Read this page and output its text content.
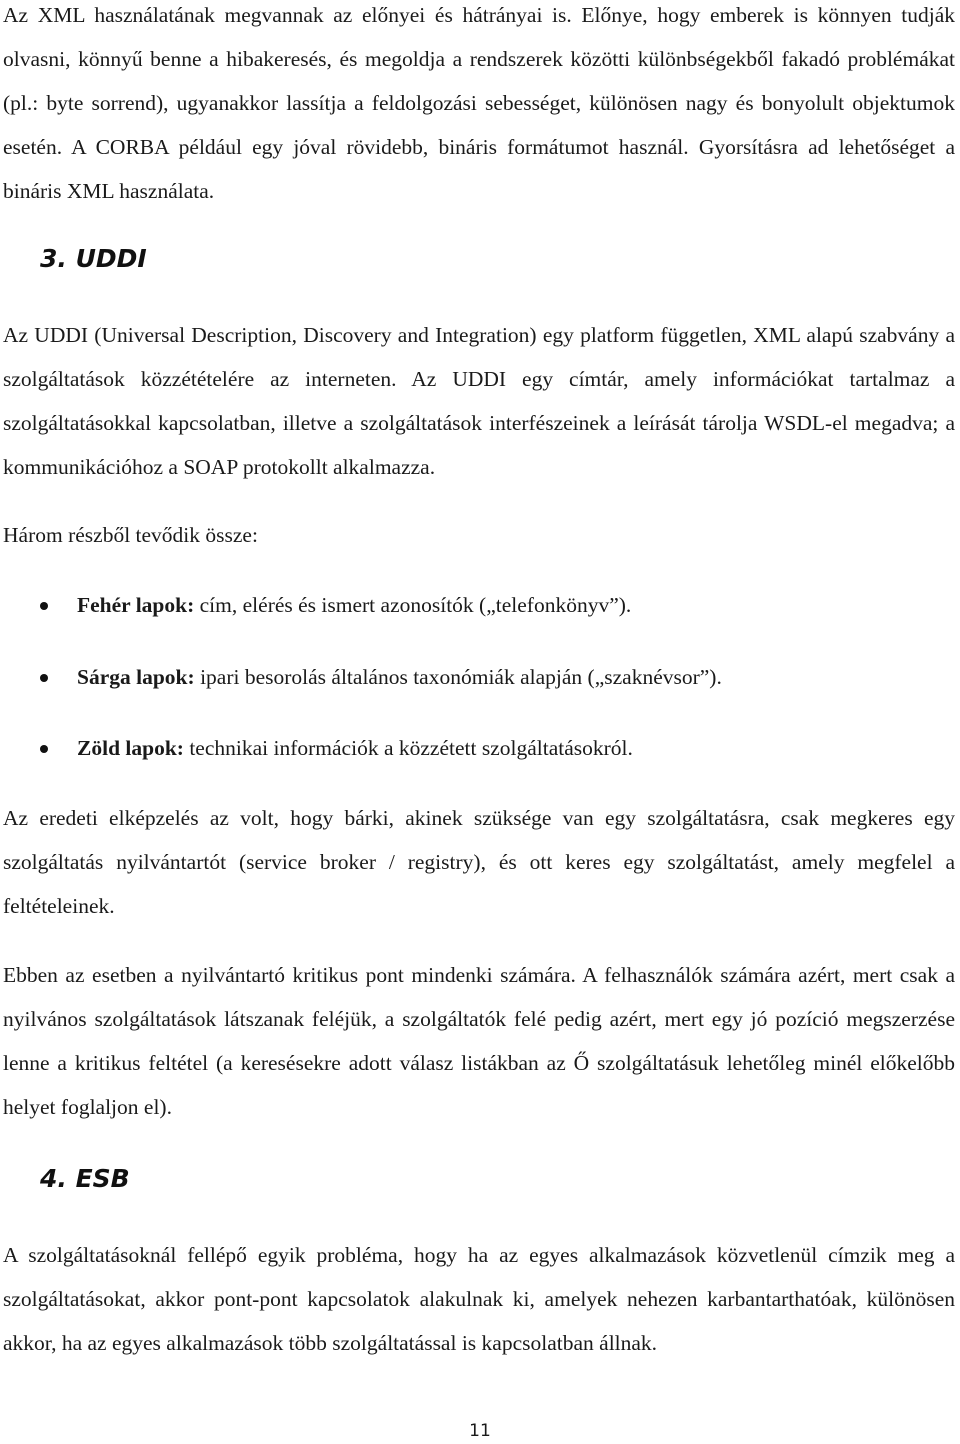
Az XML használatának megvannak az előnyei és hátrányai is. Előnye, hogy emberek is könnyen tudják olvasni, könnyű benne a hibakeresés, és megoldja a rendszerek közötti különbségekből fakadó problémákat (pl.: byte sorrend), ugyanakkor lassítja a feldolgozási sebességet, különösen nagy és bonyolult objektumok esetén. A CORBA például egy jóval rövidebb, bináris formátumot használ. Gyorsításra ad lehetőséget a bináris XML használata.

3. UDDI

Az UDDI (Universal Description, Discovery and Integration) egy platform független, XML alapú szabvány a szolgáltatások közzétételére az interneten. Az UDDI egy címtár, amely információkat tartalmaz a szolgáltatásokkal kapcsolatban, illetve a szolgáltatások interfészeinek a leírását tárolja WSDL-el megadva; a kommunikációhoz a SOAP protokollt alkalmazza.

Három részből tevődik össze:

Fehér lapok: cím, elérés és ismert azonosítók („telefonkönyv”).
Sárga lapok: ipari besorolás általános taxonómiák alapján („szaknévsor”).
Zöld lapok: technikai információk a közzétett szolgáltatásokról.

Az eredeti elképzelés az volt, hogy bárki, akinek szüksége van egy szolgáltatásra, csak megkeres egy szolgáltatás nyilvántartót (service broker / registry), és ott keres egy szolgáltatást, amely megfelel a feltételeinek.

Ebben az esetben a nyilvántartó kritikus pont mindenki számára. A felhasználók számára azért, mert csak a nyilvános szolgáltatások látszanak feléjük, a szolgáltatók felé pedig azért, mert egy jó pozíció megszerzése lenne a kritikus feltétel (a keresésekre adott válasz listákban az Ő szolgáltatásuk lehetőleg minél előkelőbb helyet foglaljon el).

4. ESB

A szolgáltatásoknál fellépő egyik probléma, hogy ha az egyes alkalmazások közvetlenül címzik meg a szolgáltatásokat, akkor pont-pont kapcsolatok alakulnak ki, amelyek nehezen karbantarthatóak, különösen akkor, ha az egyes alkalmazások több szolgáltatással is kapcsolatban állnak.

11
